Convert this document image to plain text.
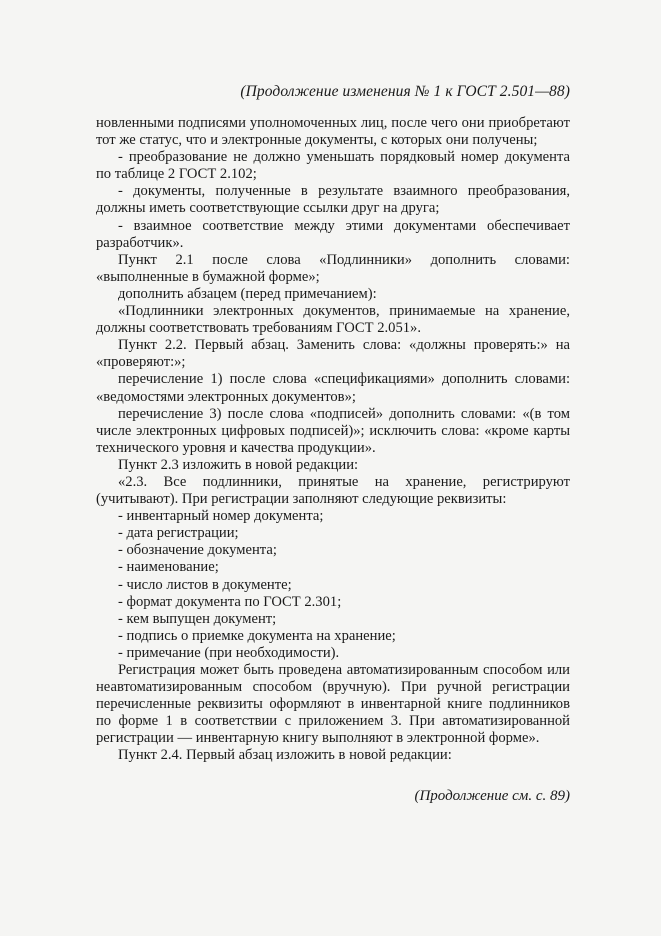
(Продолжение изменения № 1 к ГОСТ 2.501—88)

новленными подписями уполномоченных лиц, после чего они приобретают тот же статус, что и электронные документы, с которых они получены;

- преобразование не должно уменьшать порядковый номер документа по таблице 2 ГОСТ 2.102;

- документы, полученные в результате взаимного преобразования, должны иметь соответствующие ссылки друг на друга;

- взаимное соответствие между этими документами обеспечивает разработчик».

Пункт 2.1 после слова «Подлинники» дополнить словами: «выполненные в бумажной форме»;

дополнить абзацем (перед примечанием):

«Подлинники электронных документов, принимаемые на хранение, должны соответствовать требованиям ГОСТ 2.051».

Пункт 2.2. Первый абзац. Заменить слова: «должны проверять:» на «проверяют:»;

перечисление 1) после слова «спецификациями» дополнить словами: «ведомостями электронных документов»;

перечисление 3) после слова «подписей» дополнить словами: «(в том числе электронных цифровых подписей)»; исключить слова: «кроме карты технического уровня и качества продукции».

Пункт 2.3 изложить в новой редакции:

«2.3. Все подлинники, принятые на хранение, регистрируют (учитывают). При регистрации заполняют следующие реквизиты:

- инвентарный номер документа;

- дата регистрации;

- обозначение документа;

- наименование;

- число листов в документе;

- формат документа по ГОСТ 2.301;

- кем выпущен документ;

- подпись о приемке документа на хранение;

- примечание (при необходимости).

Регистрация может быть проведена автоматизированным способом или неавтоматизированным способом (вручную). При ручной регистрации перечисленные реквизиты оформляют в инвентарной книге подлинников по форме 1 в соответствии с приложением 3. При автоматизированной регистрации — инвентарную книгу выполняют в электронной форме».

Пункт 2.4. Первый абзац изложить в новой редакции:

(Продолжение см. с. 89)
